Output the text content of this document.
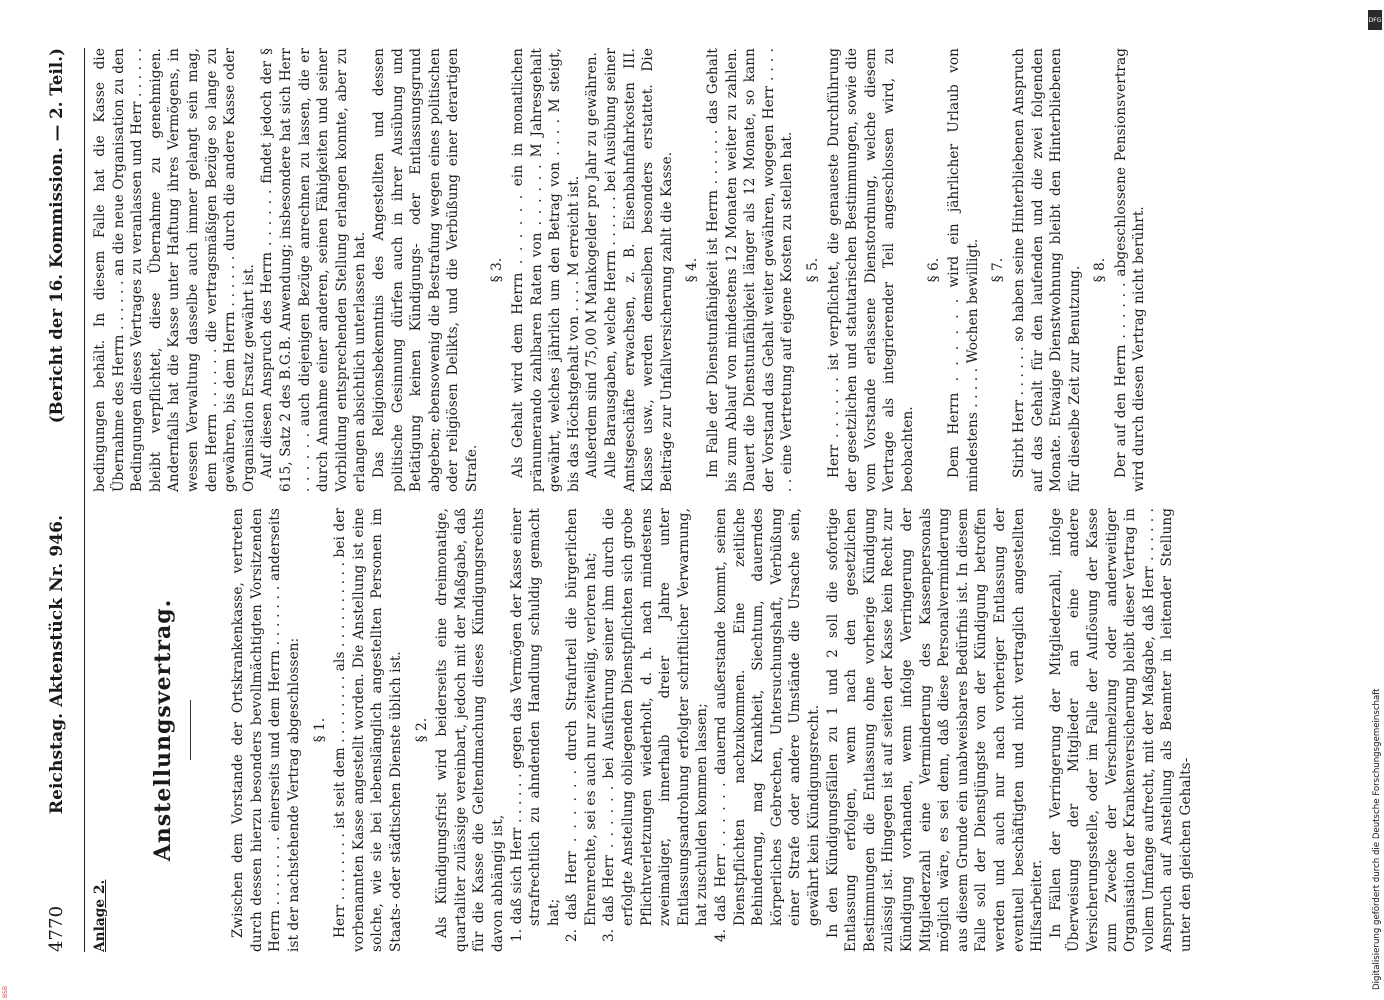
4770
Reichstag. Aktenstück Nr. 946.
(Bericht der 16. Kommission. — 2. Teil.)
Anlage 2.
Anstellungsvertrag.	Zwischen dem Vorstande der Ortskrankenkasse, vertreten durch dessen hierzu besonders bevollmächtigten Vorsitzenden Herrn . . . . . . . . einerseits und dem Herrn . . . . . . . anderseits ist der nachstehende Vertrag abgeschlossen: § 1. Herr . . . . . . . . ist seit dem . . . . . . . . als . . . . . . . . . . bei der vorbenannten Kasse angestellt worden. Die Anstellung ist eine solche, wie sie bei lebenslänglich angestellten Personen im Staats- oder städtischen Dienste üblich ist. § 2. Als Kündigungsfrist wird beiderseits eine dreimonatige, quartaliter zulässige vereinbart, jedoch mit der Maßgabe, daß für die Kasse die Geltendmachung dieses Kündigungsrechts davon abhängig ist, 1. daß sich Herr . . . . . . gegen das Vermögen der Kasse einer strafrechtlich zu ahndenden Handlung schuldig gemacht hat; 2. daß Herr . . . . . . durch Strafurteil die bürgerlichen Ehrenrechte, sei es auch nur zeitweilig, verloren hat; 3. daß Herr . . . . . . bei Ausführung seiner ihm durch die erfolgte Anstellung obliegenden Dienstpflichten sich grobe Pflichtverletzungen wiederholt, d. h. nach mindestens zweimaliger, innerhalb dreier Jahre unter Entlassungsandrohung erfolgter schriftlicher Verwarnung, hat zuschulden kommen lassen; 4. daß Herr . . . . . . dauernd außerstande kommt, seinen Dienstpflichten nachzukommen. Eine zeitliche Behinderung, mag Krankheit, Siechtum, dauerndes körperliches Gebrechen, Untersuchungshaft, Verbüßung einer Strafe oder andere Umstände die Ursache sein, gewährt kein Kündigungsrecht. In den Kündigungsfällen zu 1 und 2 soll die sofortige Entlassung erfolgen, wenn nach den gesetzlichen Bestimmungen die Entlassung ohne vorherige Kündigung zulässig ist. Hingegen ist auf seiten der Kasse kein Recht zur Kündigung vorhanden, wenn infolge Verringerung der Mitgliederzahl eine Verminderung des Kassenpersonals möglich wäre, es sei denn, daß diese Personalverminderung aus diesem Grunde ein unabweisbares Bedürfnis ist. In diesem Falle soll der Dienstjüngste von der Kündigung betroffen werden und auch nur nach vorheriger Entlassung der eventuell beschäftigten und nicht vertraglich angestellten Hilfsarbeiter. In Fällen der Verringerung der Mitgliederzahl, infolge Überweisung der Mitglieder an eine andere Versicherungsstelle, oder im Falle der Auflösung der Kasse zum Zwecke der Verschmelzung oder anderweitiger Organisation der Krankenversicherung bleibt dieser Vertrag in vollem Umfange aufrecht, mit der Maßgabe, daß Herr . . . . . . Anspruch auf Anstellung als Beamter in leitender Stellung unter den gleichen Gehalts-

bedingungen behält. In diesem Falle hat die Kasse die Übernahme des Herrn . . . . . . an die neue Organisation zu den Bedingungen dieses Vertrages zu veranlassen und Herr . . . . . . bleibt verpflichtet, diese Übernahme zu genehmigen. Andernfalls hat die Kasse unter Haftung ihres Vermögens, in wessen Verwaltung dasselbe auch immer gelangt sein mag, dem Herrn . . . . . . die vertragsmäßigen Bezüge so lange zu gewähren, bis dem Herrn . . . . . . durch die andere Kasse oder Organisation Ersatz gewährt ist. Auf diesen Anspruch des Herrn . . . . . . findet jedoch der § 615, Satz 2 des B.G.B. Anwendung; insbesondere hat sich Herr . . . . . . auch diejenigen Bezüge anrechnen zu lassen, die er durch Annahme einer anderen, seinen Fähigkeiten und seiner Vorbildung entsprechenden Stellung erlangen konnte, aber zu erlangen absichtlich unterlassen hat. Das Religionsbekenntnis des Angestellten und dessen politische Gesinnung dürfen auch in ihrer Ausübung und Betätigung keinen Kündigungs- oder Entlassungsgrund abgeben; ebensowenig die Bestrafung wegen eines politischen oder religiösen Delikts, und die Verbüßung einer derartigen Strafe.

§ 3. Als Gehalt wird dem Herrn . . . . . . ein in monatlichen pränumerando zahlbaren Raten von . . . . . . M Jahresgehalt gewährt, welches jährlich um den Betrag von . . . . M steigt, bis das Höchstgehalt von . . . . M erreicht ist. Außerdem sind 75,00 M Mankogelder pro Jahr zu gewähren. Alle Barausgaben, welche Herrn . . . . . . bei Ausübung seiner Amtsgeschäfte erwachsen, z. B. Eisenbahnfahrkosten III. Klasse usw., werden demselben besonders erstattet. Die Beiträge zur Unfallversicherung zahlt die Kasse. § 4. Im Falle der Dienstunfähigkeit ist Herrn . . . . . . das Gehalt bis zum Ablauf von mindestens 12 Monaten weiter zu zahlen. Dauert die Dienstunfähigkeit länger als 12 Monate, so kann der Vorstand das Gehalt weiter gewähren, wogegen Herr . . . . . . eine Vertretung auf eigene Kosten zu stellen hat. § 5. Herr . . . . . . ist verpflichtet, die genaueste Durchführung der gesetzlichen und statutarischen Bestimmungen, sowie die vom Vorstande erlassene Dienstordnung, welche diesem Vertrage als integrierender Teil angeschlossen wird, zu beobachten.

§ 6. Dem Herrn . . . . . . wird ein jährlicher Urlaub von mindestens . . . . . Wochen bewilligt. § 7. Stirbt Herr . . . . . . so haben seine Hinterbliebenen Anspruch auf das Gehalt für den laufenden und die zwei folgenden Monate. Etwaige Dienstwohnung bleibt den Hinterbliebenen für dieselbe Zeit zur Benutzung. § 8. Der auf den Herrn . . . . . . abgeschlossene Pensionsvertrag wird durch diesen Vertrag nicht berührt.

DFG
Digitalisierung gefördert durch die Deutsche Forschungsgemeinschaft
BSB
